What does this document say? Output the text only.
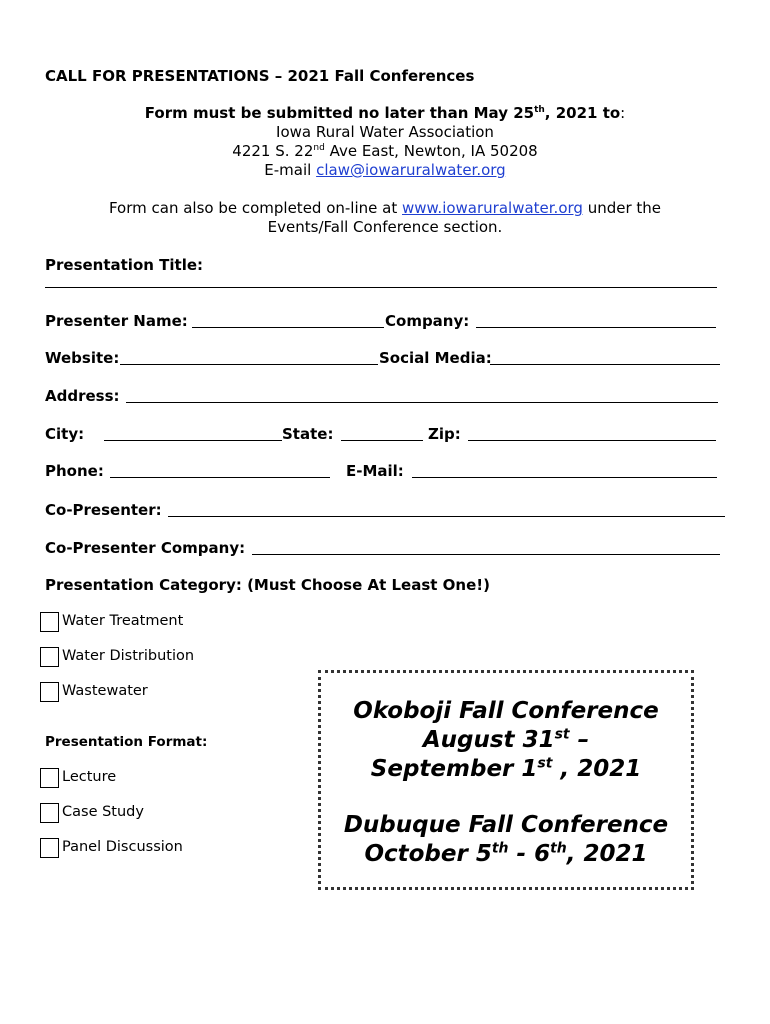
CALL FOR PRESENTATIONS – 2021 Fall Conferences
Form must be submitted no later than May 25th, 2021 to:
Iowa Rural Water Association
4221 S. 22nd Ave East, Newton, IA 50208
E-mail claw@iowaruralwater.org
Form can also be completed on-line at www.iowaruralwater.org under the
Events/Fall Conference section.
Presentation Title:
Presenter Name:	Company:
Website:	Social Media:
Address:
City:	State:	Zip:
Phone:	E-Mail:
Co-Presenter:
Co-Presenter Company:
Presentation Category: (Must Choose At Least One!)
Water Treatment
Water Distribution
Wastewater
Presentation Format:
Lecture
Case Study
Panel Discussion
Okoboji Fall Conference
August 31st –
September 1st , 2021
Dubuque Fall Conference
October 5th - 6th, 2021
